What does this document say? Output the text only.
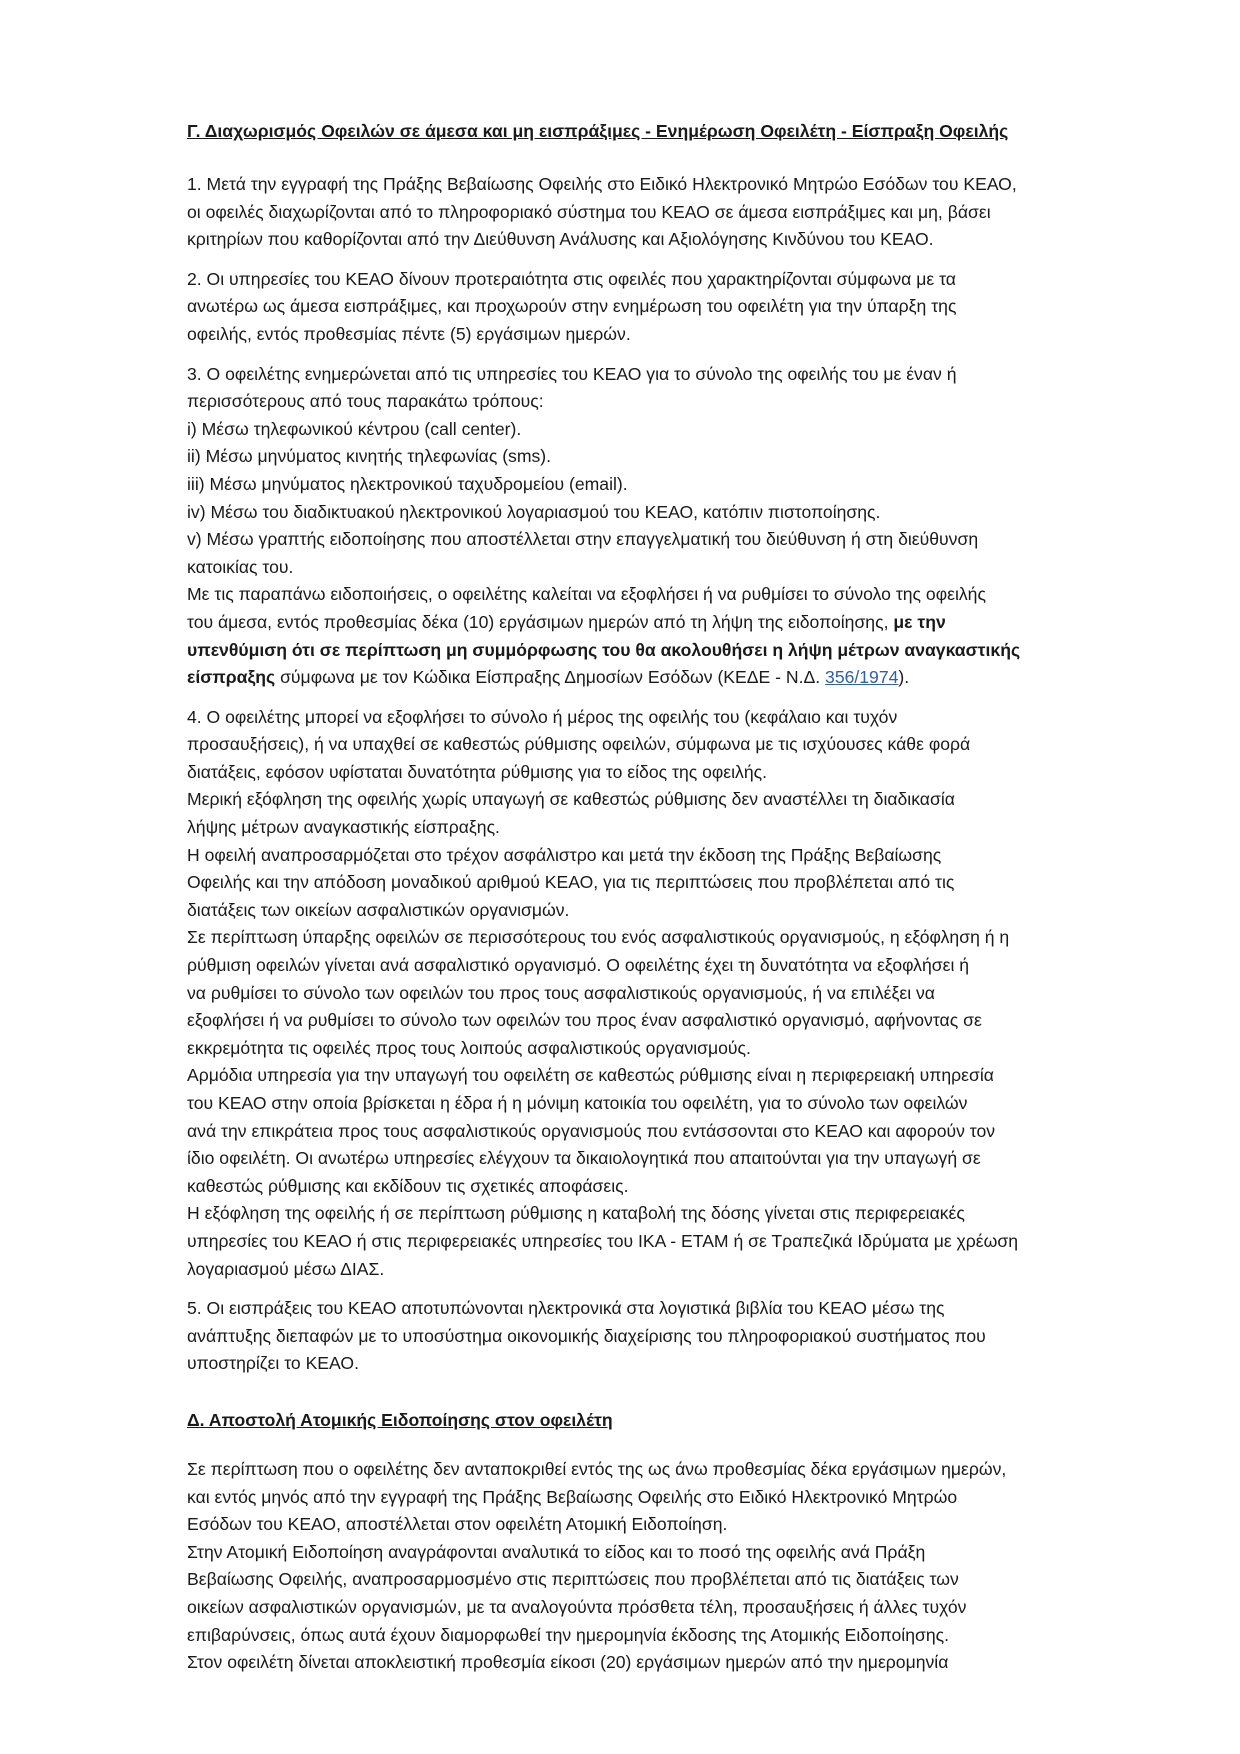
Γ. Διαχωρισμός Οφειλών σε άμεσα και μη εισπράξιμες - Ενημέρωση Οφειλέτη - Είσπραξη Οφειλής

1. Μετά την εγγραφή της Πράξης Βεβαίωσης Οφειλής στο Ειδικό Ηλεκτρονικό Μητρώο Εσόδων του ΚΕΑΟ,
οι οφειλές διαχωρίζονται από το πληροφοριακό σύστημα του ΚΕΑΟ σε άμεσα εισπράξιμες και μη, βάσει
κριτηρίων που καθορίζονται από την Διεύθυνση Ανάλυσης και Αξιολόγησης Κινδύνου του ΚΕΑΟ.

2. Οι υπηρεσίες του ΚΕΑΟ δίνουν προτεραιότητα στις οφειλές που χαρακτηρίζονται σύμφωνα με τα
ανωτέρω ως άμεσα εισπράξιμες, και προχωρούν στην ενημέρωση του οφειλέτη για την ύπαρξη της
οφειλής, εντός προθεσμίας πέντε (5) εργάσιμων ημερών.

3. Ο οφειλέτης ενημερώνεται από τις υπηρεσίες του ΚΕΑΟ για το σύνολο της οφειλής του με έναν ή
περισσότερους από τους παρακάτω τρόπους:
i) Μέσω τηλεφωνικού κέντρου (call center).
ii) Μέσω μηνύματος κινητής τηλεφωνίας (sms).
iii) Μέσω μηνύματος ηλεκτρονικού ταχυδρομείου (email).
iv) Μέσω του διαδικτυακού ηλεκτρονικού λογαριασμού του ΚΕΑΟ, κατόπιν πιστοποίησης.
v) Μέσω γραπτής ειδοποίησης που αποστέλλεται στην επαγγελματική του διεύθυνση ή στη διεύθυνση
κατοικίας του.
Με τις παραπάνω ειδοποιήσεις, ο οφειλέτης καλείται να εξοφλήσει ή να ρυθμίσει το σύνολο της οφειλής
του άμεσα, εντός προθεσμίας δέκα (10) εργάσιμων ημερών από τη λήψη της ειδοποίησης, με την
υπενθύμιση ότι σε περίπτωση μη συμμόρφωσης του θα ακολουθήσει η λήψη μέτρων αναγκαστικής
είσπραξης σύμφωνα με τον Κώδικα Είσπραξης Δημοσίων Εσόδων (ΚΕΔΕ - Ν.Δ. 356/1974).

4. Ο οφειλέτης μπορεί να εξοφλήσει το σύνολο ή μέρος της οφειλής του (κεφάλαιο και τυχόν
προσαυξήσεις), ή να υπαχθεί σε καθεστώς ρύθμισης οφειλών, σύμφωνα με τις ισχύουσες κάθε φορά
διατάξεις, εφόσον υφίσταται δυνατότητα ρύθμισης για το είδος της οφειλής.
Μερική εξόφληση της οφειλής χωρίς υπαγωγή σε καθεστώς ρύθμισης δεν αναστέλλει τη διαδικασία
λήψης μέτρων αναγκαστικής είσπραξης.
Η οφειλή αναπροσαρμόζεται στο τρέχον ασφάλιστρο και μετά την έκδοση της Πράξης Βεβαίωσης
Οφειλής και την απόδοση μοναδικού αριθμού ΚΕΑΟ, για τις περιπτώσεις που προβλέπεται από τις
διατάξεις των οικείων ασφαλιστικών οργανισμών.
Σε περίπτωση ύπαρξης οφειλών σε περισσότερους του ενός ασφαλιστικούς οργανισμούς, η εξόφληση ή η
ρύθμιση οφειλών γίνεται ανά ασφαλιστικό οργανισμό. Ο οφειλέτης έχει τη δυνατότητα να εξοφλήσει ή
να ρυθμίσει το σύνολο των οφειλών του προς τους ασφαλιστικούς οργανισμούς, ή να επιλέξει να
εξοφλήσει ή να ρυθμίσει το σύνολο των οφειλών του προς έναν ασφαλιστικό οργανισμό, αφήνοντας σε
εκκρεμότητα τις οφειλές προς τους λοιπούς ασφαλιστικούς οργανισμούς.
Αρμόδια υπηρεσία για την υπαγωγή του οφειλέτη σε καθεστώς ρύθμισης είναι η περιφερειακή υπηρεσία
του ΚΕΑΟ στην οποία βρίσκεται η έδρα ή η μόνιμη κατοικία του οφειλέτη, για το σύνολο των οφειλών
ανά την επικράτεια προς τους ασφαλιστικούς οργανισμούς που εντάσσονται στο ΚΕΑΟ και αφορούν τον
ίδιο οφειλέτη. Οι ανωτέρω υπηρεσίες ελέγχουν τα δικαιολογητικά που απαιτούνται για την υπαγωγή σε
καθεστώς ρύθμισης και εκδίδουν τις σχετικές αποφάσεις.
Η εξόφληση της οφειλής ή σε περίπτωση ρύθμισης η καταβολή της δόσης γίνεται στις περιφερειακές
υπηρεσίες του ΚΕΑΟ ή στις περιφερειακές υπηρεσίες του ΙΚΑ - ΕΤΑΜ ή σε Τραπεζικά Ιδρύματα με χρέωση
λογαριασμού μέσω ΔΙΑΣ.

5. Οι εισπράξεις του ΚΕΑΟ αποτυπώνονται ηλεκτρονικά στα λογιστικά βιβλία του ΚΕΑΟ μέσω της
ανάπτυξης διεπαφών με το υποσύστημα οικονομικής διαχείρισης του πληροφοριακού συστήματος που
υποστηρίζει το ΚΕΑΟ.

Δ. Αποστολή Ατομικής Ειδοποίησης στον οφειλέτη

Σε περίπτωση που ο οφειλέτης δεν ανταποκριθεί εντός της ως άνω προθεσμίας δέκα εργάσιμων ημερών,
και εντός μηνός από την εγγραφή της Πράξης Βεβαίωσης Οφειλής στο Ειδικό Ηλεκτρονικό Μητρώο
Εσόδων του ΚΕΑΟ, αποστέλλεται στον οφειλέτη Ατομική Ειδοποίηση.
Στην Ατομική Ειδοποίηση αναγράφονται αναλυτικά το είδος και το ποσό της οφειλής ανά Πράξη
Βεβαίωσης Οφειλής, αναπροσαρμοσμένο στις περιπτώσεις που προβλέπεται από τις διατάξεις των
οικείων ασφαλιστικών οργανισμών, με τα αναλογούντα πρόσθετα τέλη, προσαυξήσεις ή άλλες τυχόν
επιβαρύνσεις, όπως αυτά έχουν διαμορφωθεί την ημερομηνία έκδοσης της Ατομικής Ειδοποίησης.
Στον οφειλέτη δίνεται αποκλειστική προθεσμία είκοσι (20) εργάσιμων ημερών από την ημερομηνία
